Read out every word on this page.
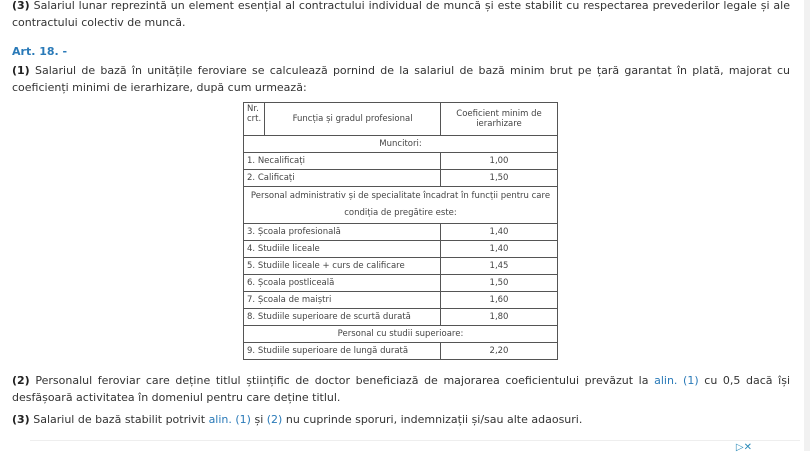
(3) Salariul lunar reprezintă un element esențial al contractului individual de muncă și este stabilit cu respectarea prevederilor legale și ale contractului colectiv de muncă.
Art. 18. -
(1) Salariul de bază în unitățile feroviare se calculează pornind de la salariul de bază minim brut pe țară garantat în plată, majorat cu coeficienți minimi de ierarhizare, după cum urmează:
Nr. crt.	Funcția și gradul profesional	Coeficient minim de ierarhizare
Muncitori:		
1. Necalificați		1,00
2. Calificați		1,50
Personal administrativ și de specialitate încadrat în funcții pentru care condiția de pregătire este:		
3. Școala profesională		1,40
4. Studiile liceale		1,40
5. Studiile liceale + curs de calificare		1,45
6. Școala postliceală		1,50
7. Școala de maiștri		1,60
8. Studiile superioare de scurtă durată		1,80
Personal cu studii superioare:		
9. Studiile superioare de lungă durată		2,20
(2) Personalul feroviar care deține titlul științific de doctor beneficiază de majorarea coeficientului prevăzut la alin. (1) cu 0,5 dacă își desfășoară activitatea în domeniul pentru care deține titlul.
(3) Salariul de bază stabilit potrivit alin. (1) și (2) nu cuprinde sporuri, indemnizații și/sau alte adaosuri.
▷✕
